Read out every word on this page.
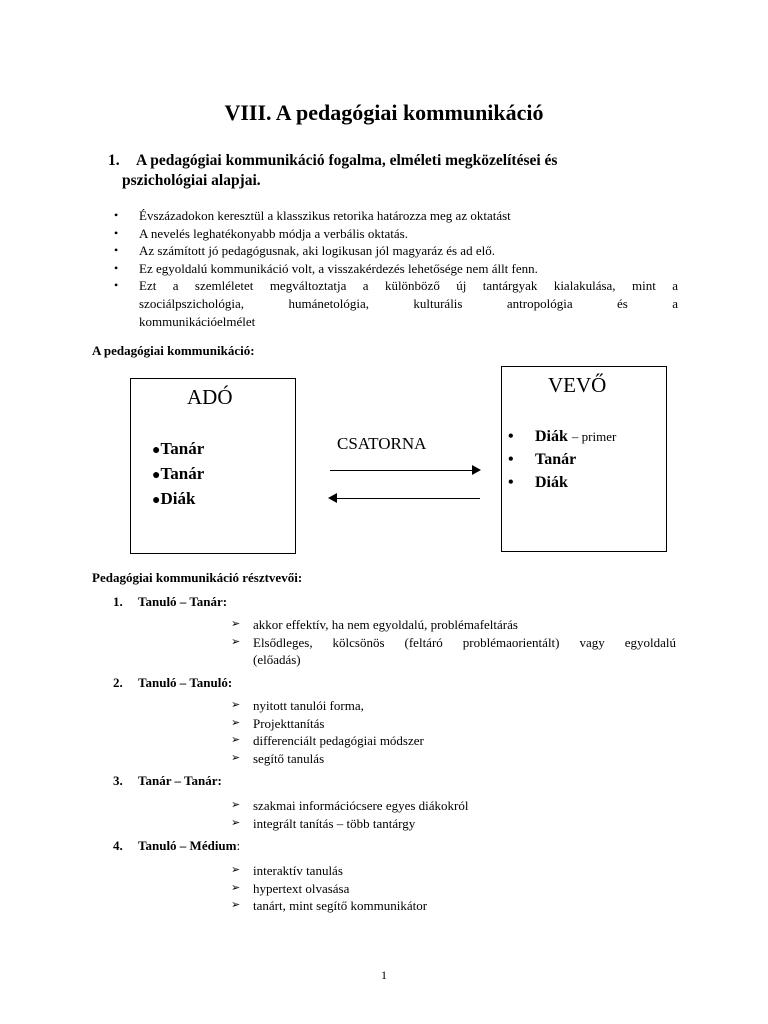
VIII. A pedagógiai kommunikáció
1.	A pedagógiai kommunikáció fogalma, elméleti megközelítései és
pszichológiai alapjai.
• Évszázadokon keresztül a klasszikus retorika határozza meg az oktatást
• A nevelés leghatékonyabb módja a verbális oktatás.
• Az számított jó pedagógusnak, aki logikusan jól magyaráz és ad elő.
• Ez egyoldalú kommunikáció volt, a visszakérdezés lehetősége nem állt fenn.
• Ezt a szemléletet megváltoztatja a különböző új tantárgyak kialakulása, mint a
szociálpszichológia, humánetológia, kulturális antropológia és a
kommunikációelmélet
A pedagógiai kommunikáció:
ADÓ
●Tanár
●Tanár
●Diák
CSATORNA
VEVŐ
• Diák – primer
• Tanár
• Diák
Pedagógiai kommunikáció résztvevői:
1. Tanuló – Tanár:
➢ akkor effektív, ha nem egyoldalú, problémafeltárás
➢ Elsődleges, kölcsönös (feltáró problémaorientált) vagy egyoldalú
(előadás)
2. Tanuló – Tanuló:
➢ nyitott tanulói forma,
➢ Projekttanítás
➢ differenciált pedagógiai módszer
➢ segítő tanulás
3. Tanár – Tanár:
➢ szakmai információcsere egyes diákokról
➢ integrált tanítás – több tantárgy
4. Tanuló – Médium:
➢ interaktív tanulás
➢ hypertext olvasása
➢ tanárt, mint segítő kommunikátor
1
